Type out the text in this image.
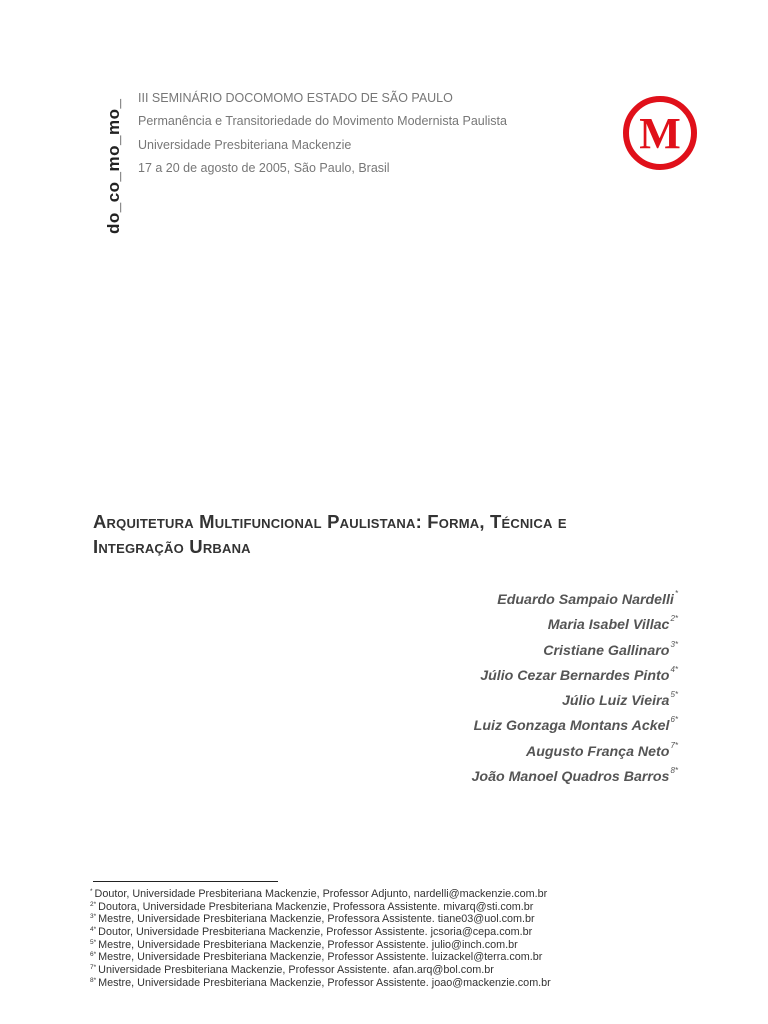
do_co_mo_mo_
III SEMINÁRIO DOCOMOMO ESTADO DE SÃO PAULO
Permanência e Transitoriedade do Movimento Modernista Paulista
Universidade Presbiteriana Mackenzie
17 a 20 de agosto de 2005, São Paulo, Brasil
M
Arquitetura Multifuncional Paulistana: Forma, Técnica e
Integração Urbana
Eduardo Sampaio Nardelli*
Maria Isabel Villac$^{2*}$
Cristiane Gallinaro$^{3*}$
Júlio Cezar Bernardes Pinto$^{4*}$
Júlio Luiz Vieira$^{5*}$
Luiz Gonzaga Montans Ackel$^{6*}$
Augusto França Neto$^{7*}$
João Manoel Quadros Barros$^{8*}$
* Doutor, Universidade Presbiteriana Mackenzie, Professor Adjunto, nardelli@mackenzie.com.br
$^{2*}$ Doutora, Universidade Presbiteriana Mackenzie, Professora Assistente. mivarq@sti.com.br
$^{3*}$ Mestre, Universidade Presbiteriana Mackenzie, Professora Assistente. tiane03@uol.com.br
$^{4*}$ Doutor, Universidade Presbiteriana Mackenzie, Professor Assistente. jcsoria@cepa.com.br
$^{5*}$ Mestre, Universidade Presbiteriana Mackenzie, Professor Assistente. julio@inch.com.br
$^{6*}$ Mestre, Universidade Presbiteriana Mackenzie, Professor Assistente. luizackel@terra.com.br
$^{7*}$ Universidade Presbiteriana Mackenzie, Professor Assistente. afan.arq@bol.com.br
$^{8*}$ Mestre, Universidade Presbiteriana Mackenzie, Professor Assistente. joao@mackenzie.com.br
